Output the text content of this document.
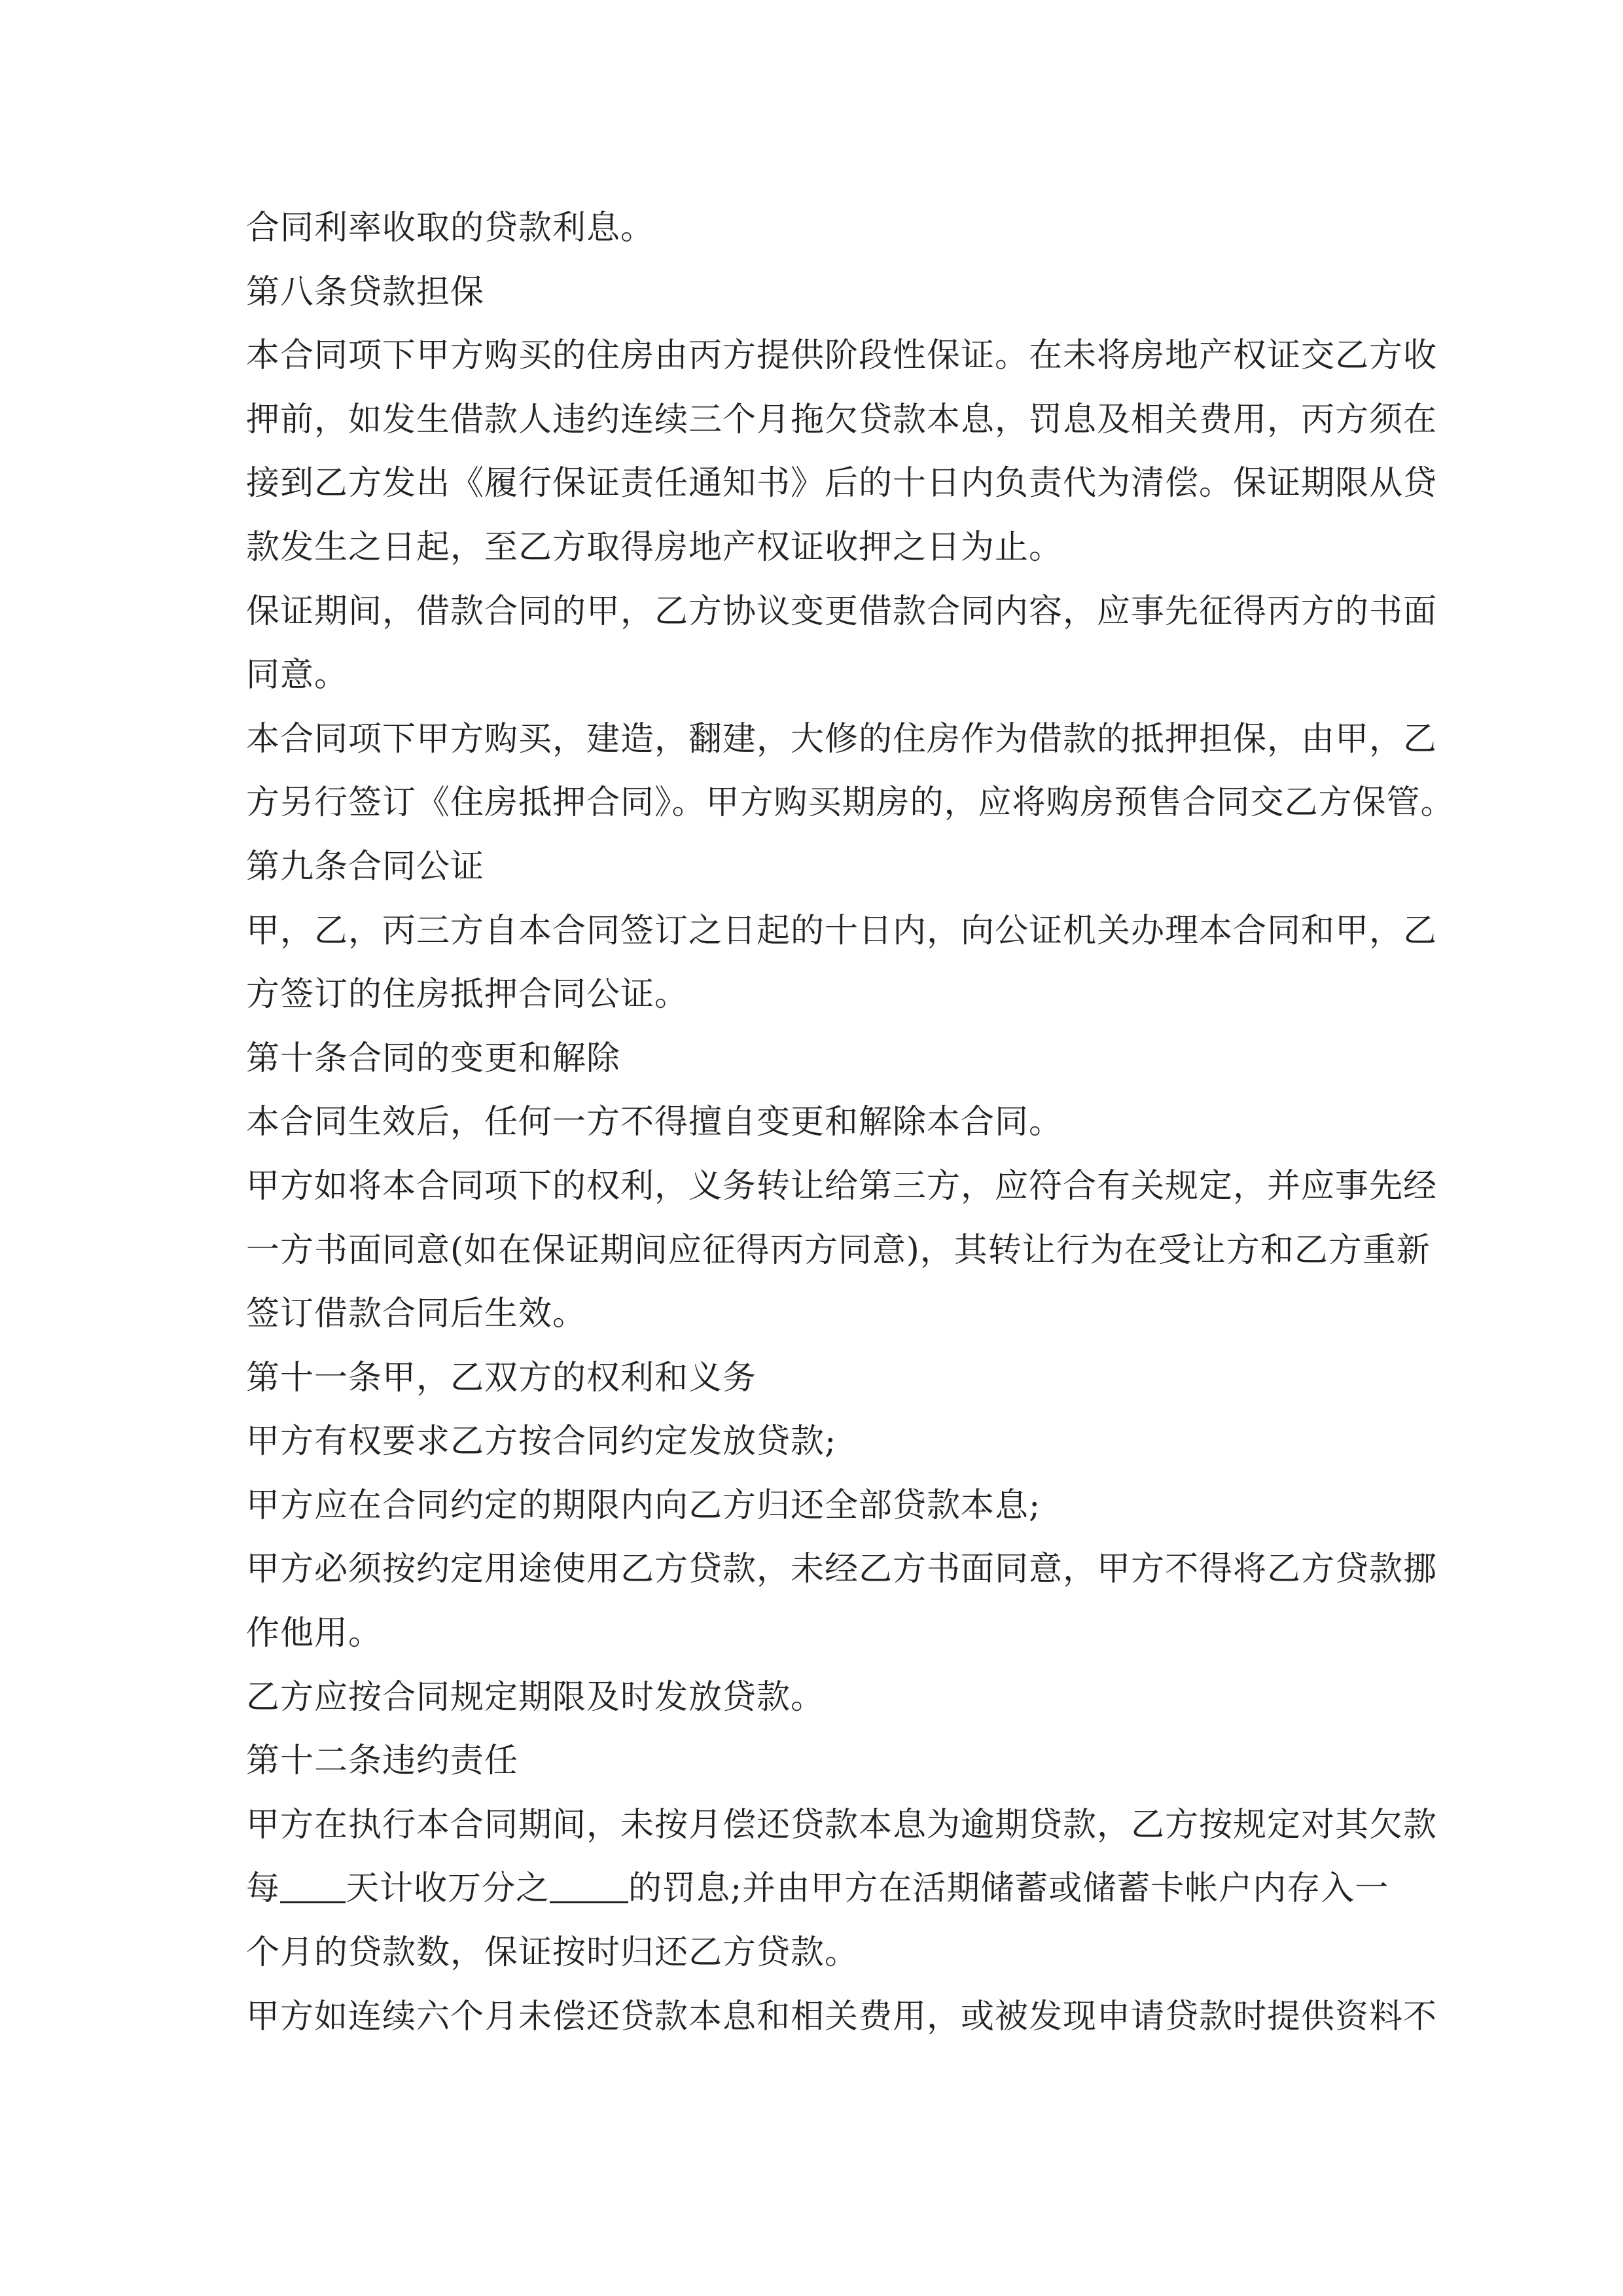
合同利率收取的贷款利息。
第八条贷款担保
本合同项下甲方购买的住房由丙方提供阶段性保证。在未将房地产权证交乙方收
押前，如发生借款人违约连续三个月拖欠贷款本息，罚息及相关费用，丙方须在
接到乙方发出《履行保证责任通知书》后的十日内负责代为清偿。保证期限从贷
款发生之日起，至乙方取得房地产权证收押之日为止。
保证期间，借款合同的甲，乙方协议变更借款合同内容，应事先征得丙方的书面
同意。
本合同项下甲方购买，建造，翻建，大修的住房作为借款的抵押担保，由甲，乙
方另行签订《住房抵押合同》。甲方购买期房的，应将购房预售合同交乙方保管。
第九条合同公证
甲，乙，丙三方自本合同签订之日起的十日内，向公证机关办理本合同和甲，乙
方签订的住房抵押合同公证。
第十条合同的变更和解除
本合同生效后，任何一方不得擅自变更和解除本合同。
甲方如将本合同项下的权利，义务转让给第三方，应符合有关规定，并应事先经
一方书面同意(如在保证期间应征得丙方同意)，其转让行为在受让方和乙方重新
签订借款合同后生效。
第十一条甲，乙双方的权利和义务
甲方有权要求乙方按合同约定发放贷款;
甲方应在合同约定的期限内向乙方归还全部贷款本息;
甲方必须按约定用途使用乙方贷款，未经乙方书面同意，甲方不得将乙方贷款挪
作他用。
乙方应按合同规定期限及时发放贷款。
第十二条违约责任
甲方在执行本合同期间，未按月偿还贷款本息为逾期贷款，乙方按规定对其欠款
每 天计收万分之 的罚息;并由甲方在活期储蓄或储蓄卡帐户内存入一
个月的贷款数，保证按时归还乙方贷款。
甲方如连续六个月未偿还贷款本息和相关费用，或被发现申请贷款时提供资料不
